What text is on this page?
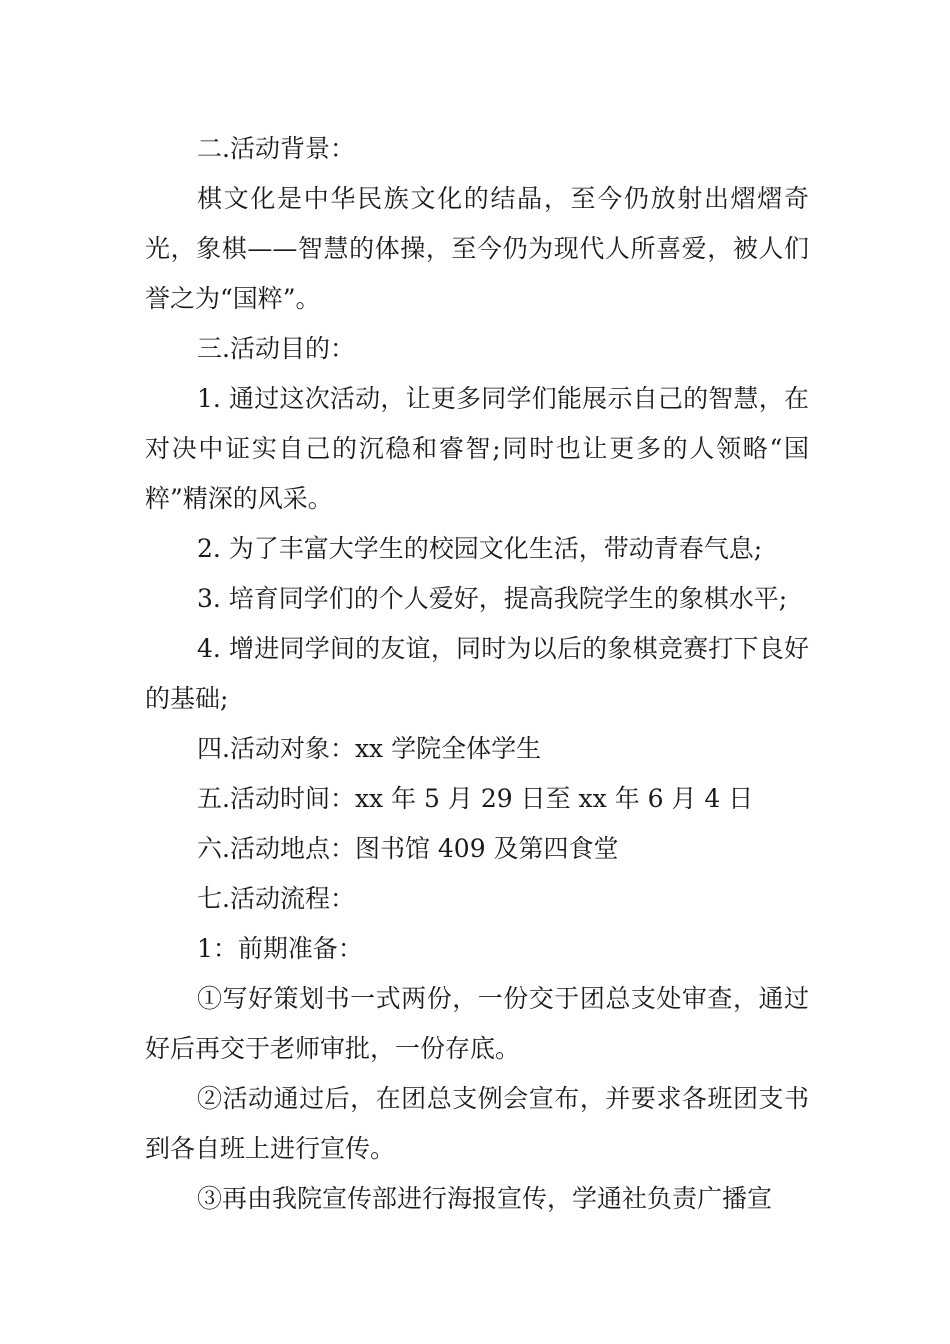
二.活动背景：

棋文化是中华民族文化的结晶，至今仍放射出熠熠奇光，象棋——智慧的体操，至今仍为现代人所喜爱，被人们誉之为“国粹”。

三.活动目的：

1. 通过这次活动，让更多同学们能展示自己的智慧，在对决中证实自己的沉稳和睿智;同时也让更多的人领略“国粹”精深的风采。

2. 为了丰富大学生的校园文化生活，带动青春气息;

3. 培育同学们的个人爱好，提高我院学生的象棋水平;

4. 增进同学间的友谊，同时为以后的象棋竞赛打下良好的基础;

四.活动对象：xx 学院全体学生

五.活动时间：xx 年 5 月 29 日至 xx 年 6 月 4 日

六.活动地点：图书馆 409 及第四食堂

七.活动流程：

1：前期准备：

①写好策划书一式两份，一份交于团总支处审查，通过好后再交于老师审批，一份存底。

②活动通过后，在团总支例会宣布，并要求各班团支书到各自班上进行宣传。

③再由我院宣传部进行海报宣传，学通社负责广播宣
